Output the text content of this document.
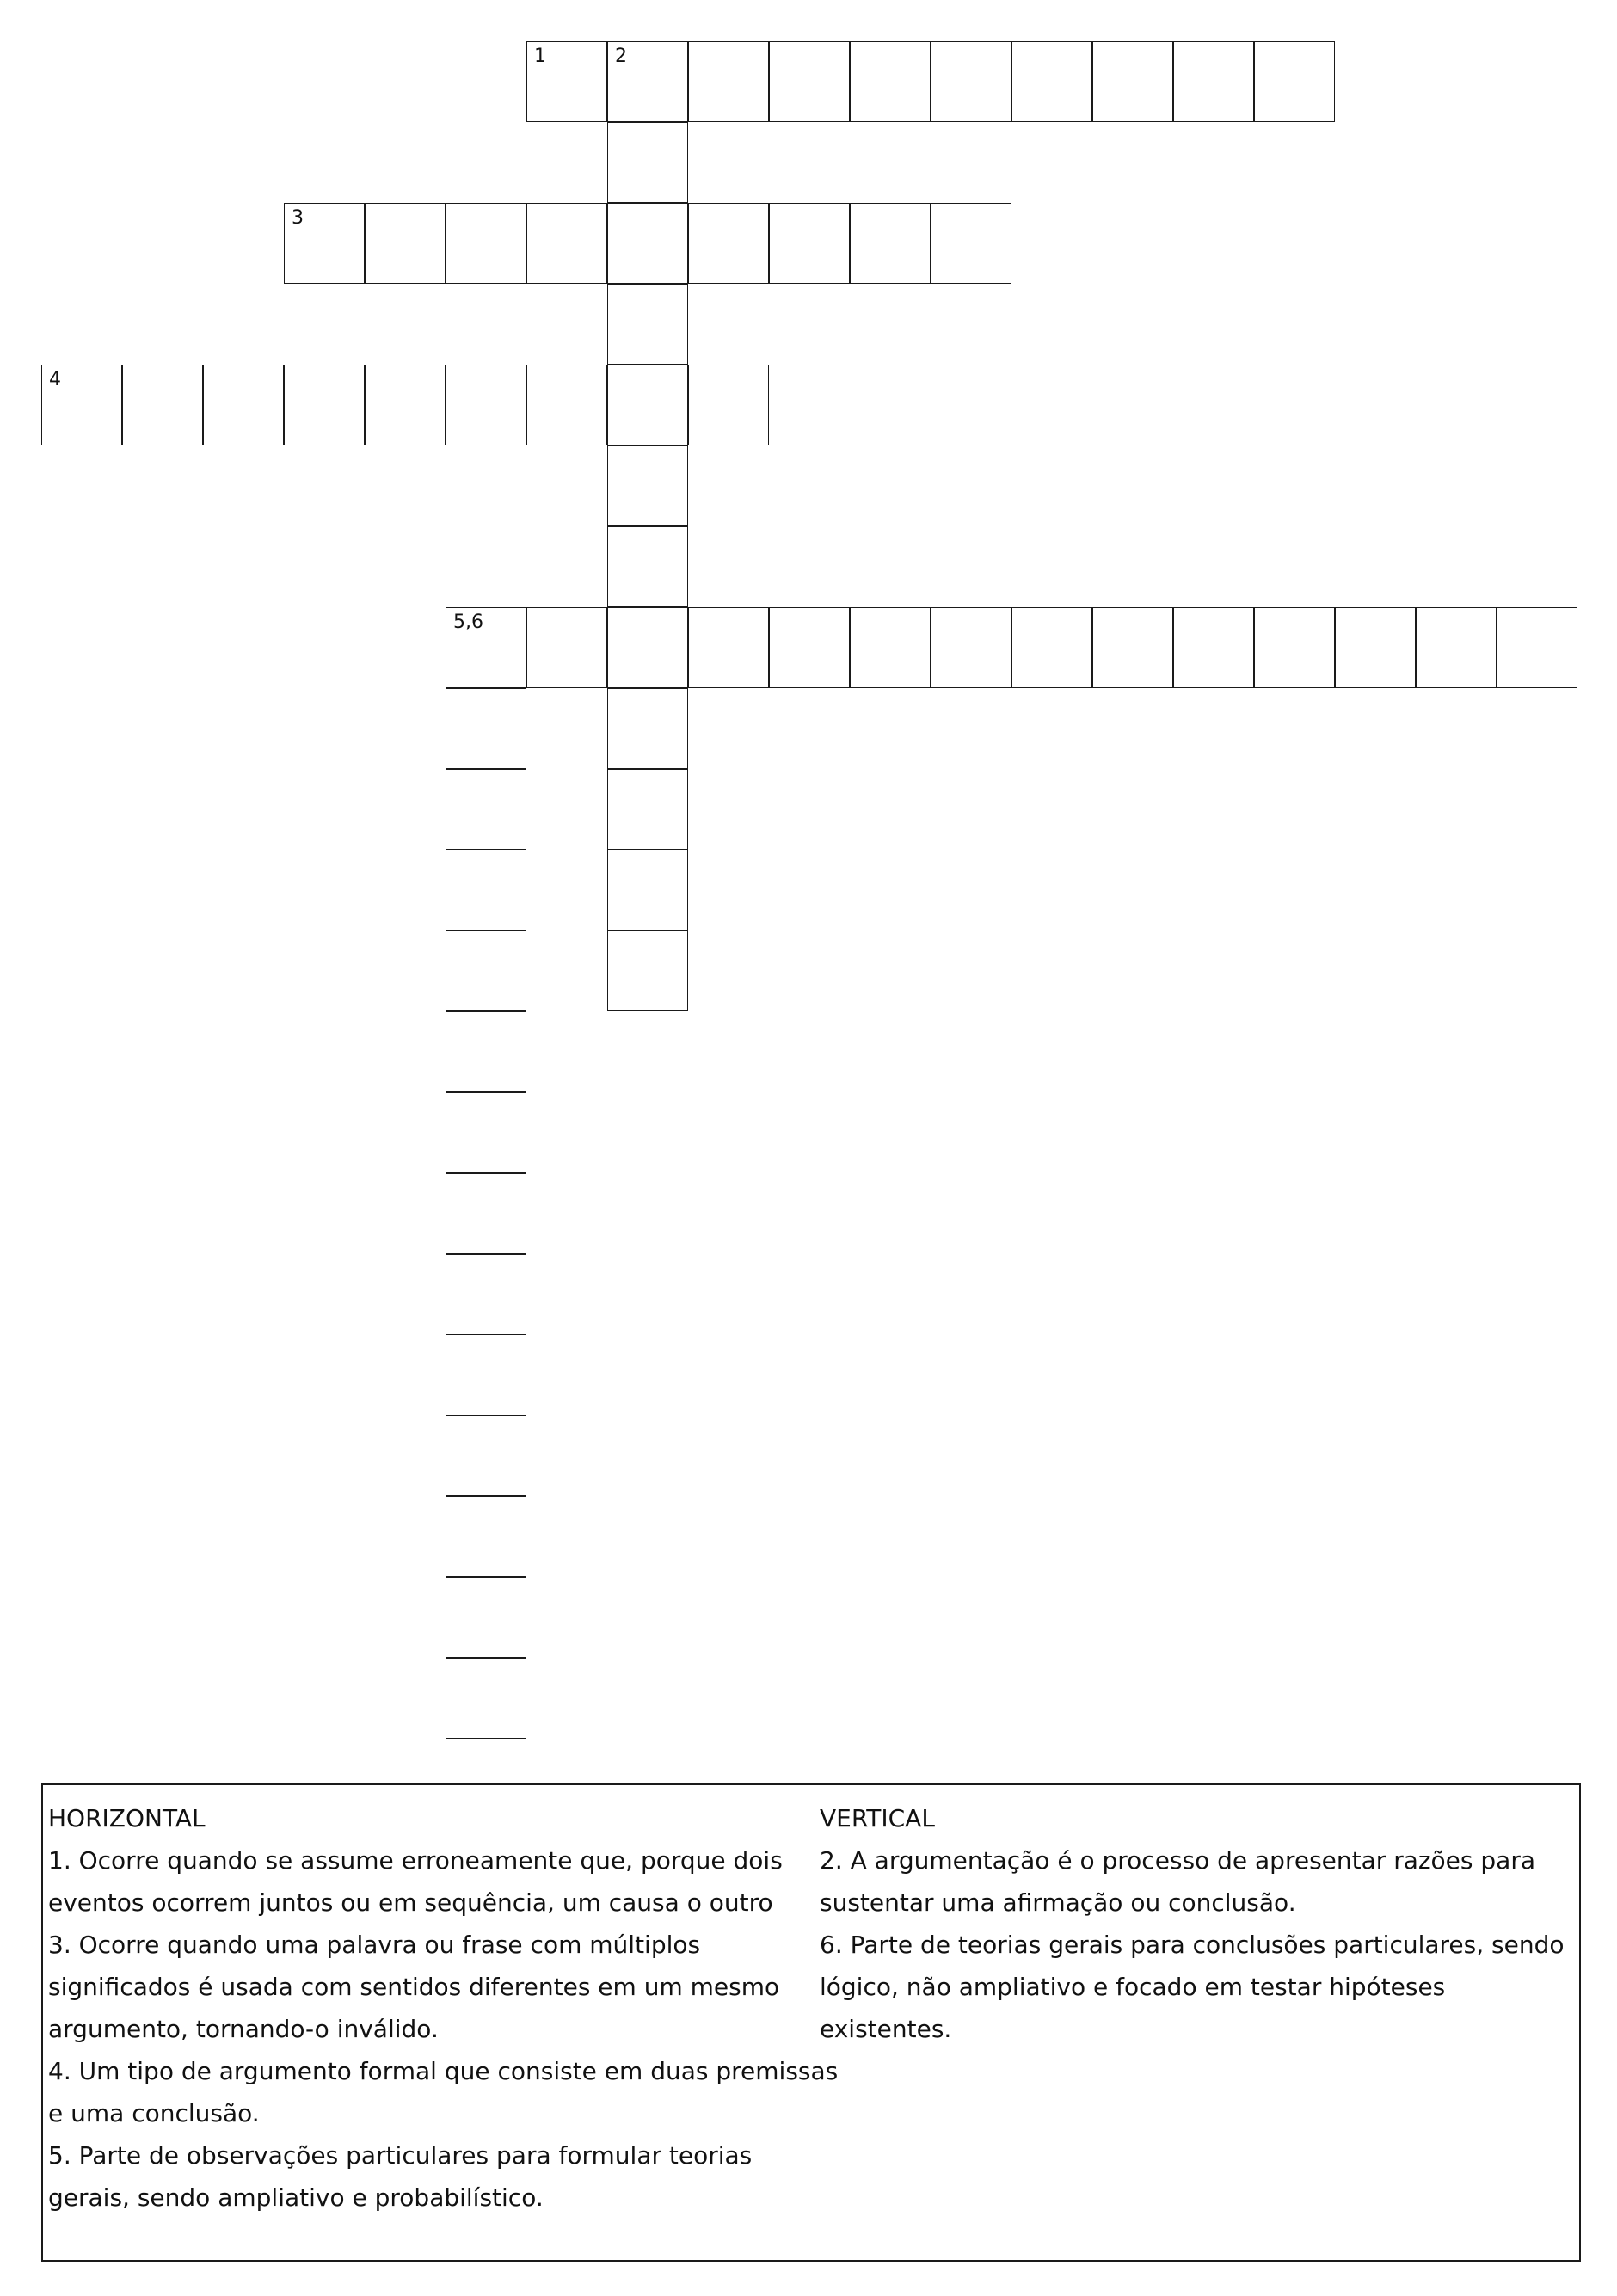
1	2
3
4
5,6
HORIZONTAL
1. Ocorre quando se assume erroneamente que, porque dois eventos ocorrem juntos ou em sequência, um causa o outro
3. Ocorre quando uma palavra ou frase com múltiplos significados é usada com sentidos diferentes em um mesmo argumento, tornando-o inválido.
4. Um tipo de argumento formal que consiste em duas premissas e uma conclusão.
5. Parte de observações particulares para formular teorias gerais, sendo ampliativo e probabilístico.
VERTICAL
2. A argumentação é o processo de apresentar razões para sustentar uma afirmação ou conclusão.
6. Parte de teorias gerais para conclusões particulares, sendo lógico, não ampliativo e focado em testar hipóteses existentes.
